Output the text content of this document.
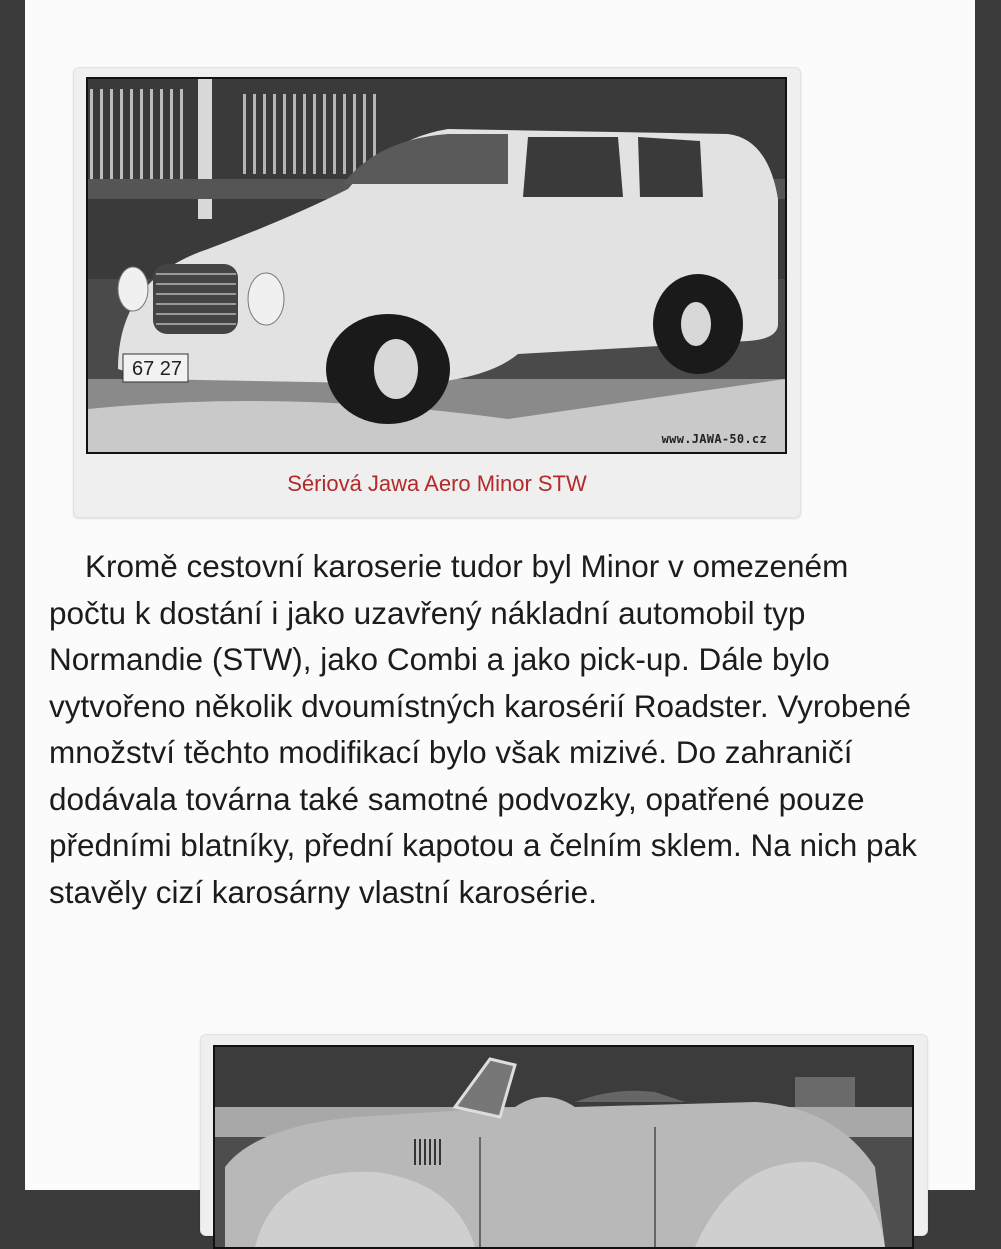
67 27
www.JAWA-50.cz
Sériová Jawa Aero Minor STW

Kromě cestovní karoserie tudor byl Minor v omezeném počtu k dostání i jako uzavřený nákladní automobil typ Normandie (STW), jako Combi a jako pick-up. Dále bylo vytvořeno několik dvoumístných karosérií Roadster. Vyrobené množství těchto modifikací bylo však mizivé. Do zahraničí dodávala továrna také samotné podvozky, opatřené pouze předními blatníky, přední kapotou a čelním sklem. Na nich pak stavěly cizí karosárny vlastní karosérie.
